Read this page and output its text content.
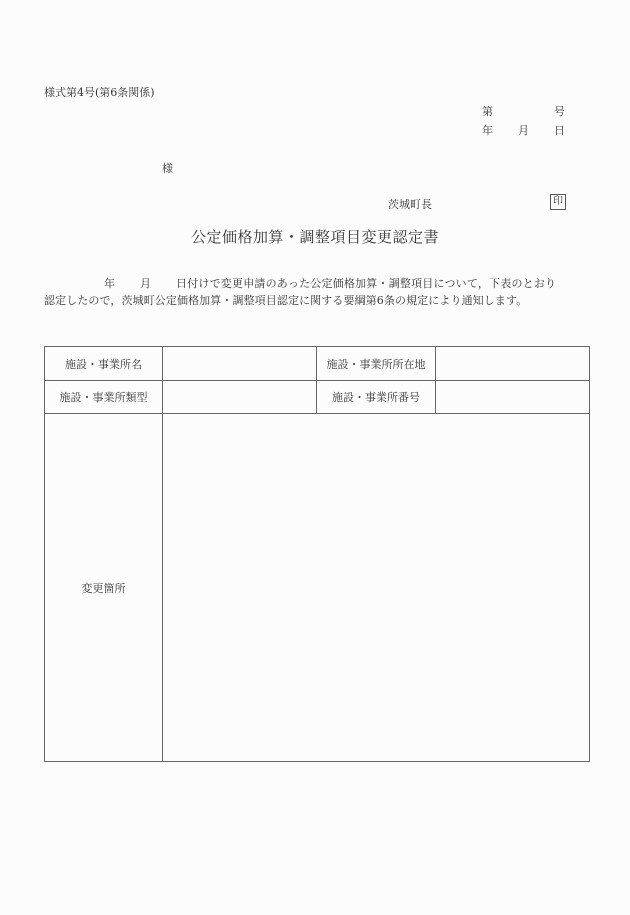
様式第4号(第6条関係)
第	号
年 月 日
様
茨城町長	印
公定価格加算・調整項目変更認定書
年 月 日付けで変更申請のあった公定価格加算・調整項目について，下表のとおり
認定したので，茨城町公定価格加算・調整項目認定に関する要綱第6条の規定により通知します。
施設・事業所名		施設・事業所所在地	
施設・事業所類型		施設・事業所番号	
変更箇所			
